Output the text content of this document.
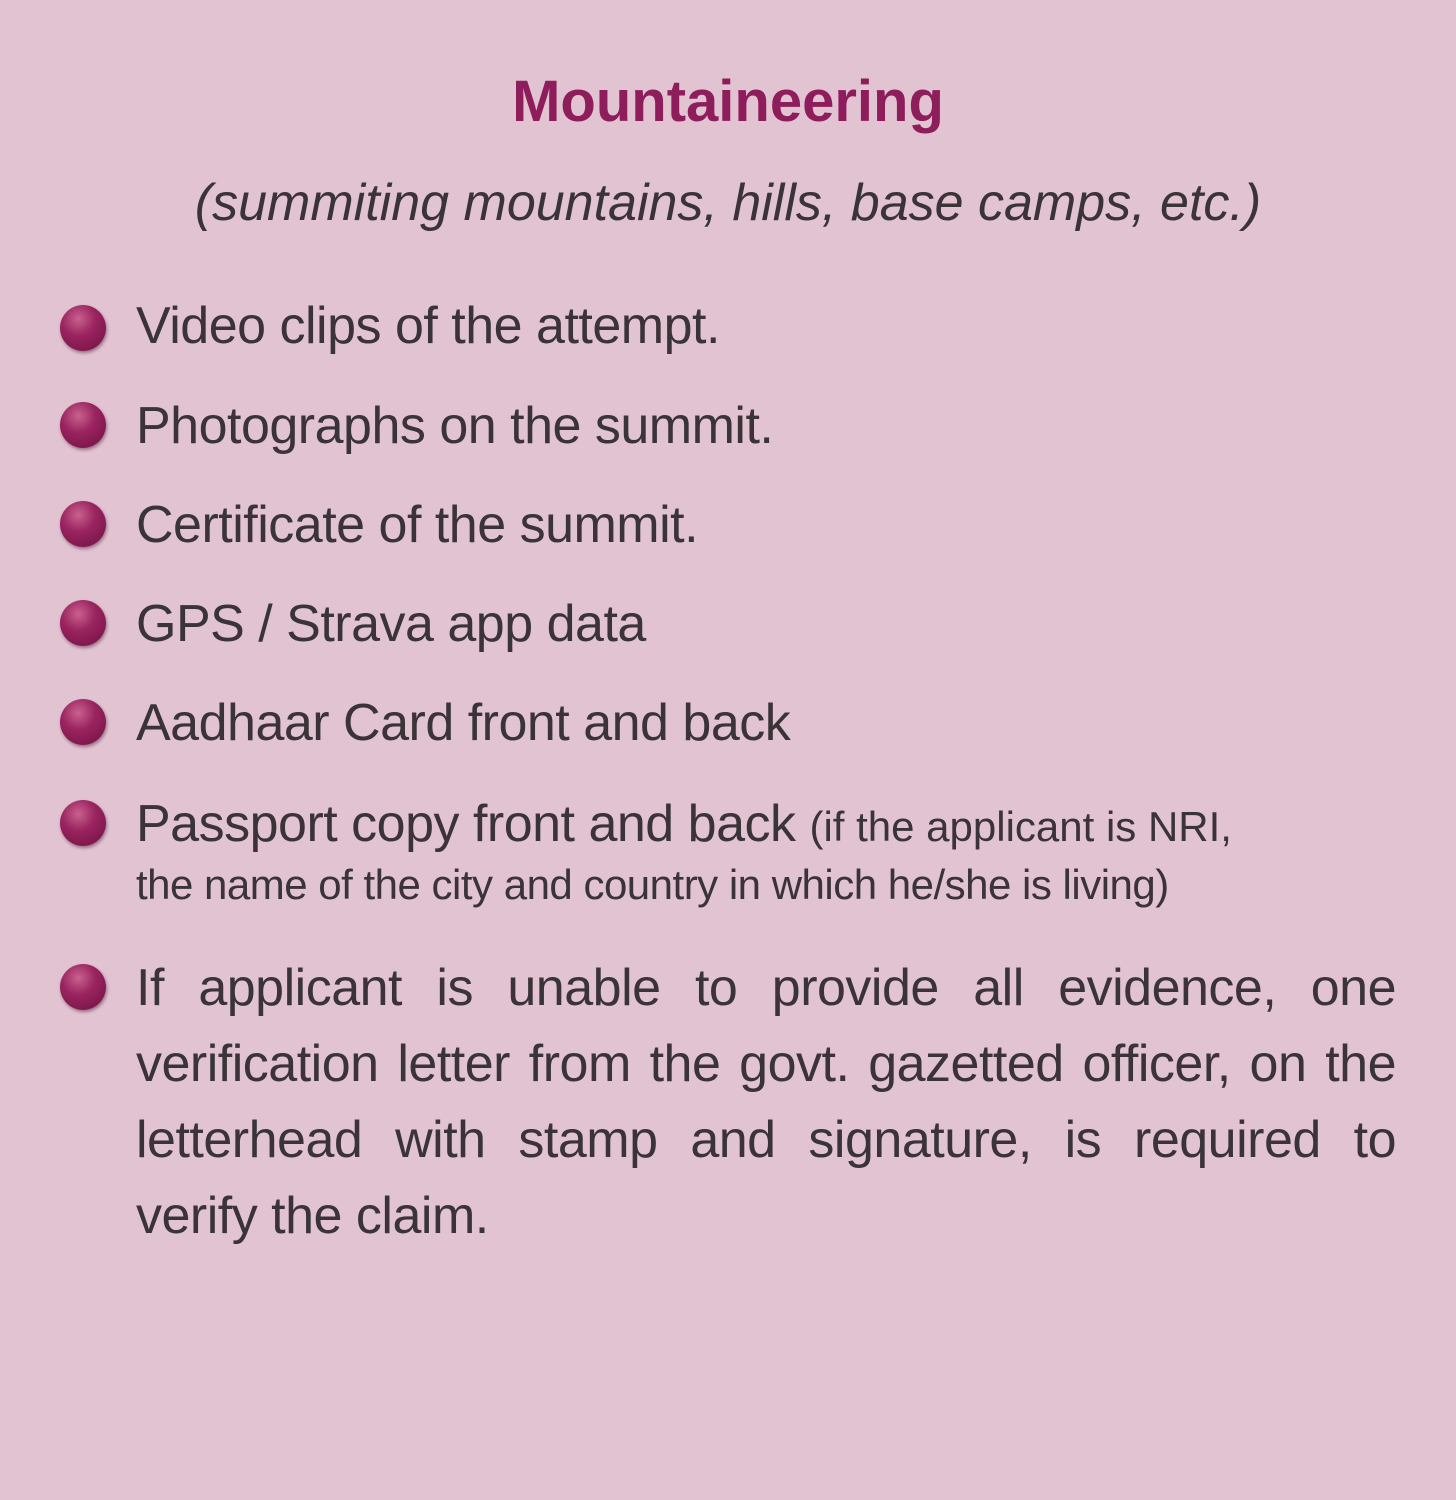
Mountaineering
(summiting mountains, hills, base camps, etc.)
Video clips of the attempt.
Photographs on the summit.
Certificate of the summit.
GPS / Strava app data
Aadhaar Card front and back
Passport copy front and back (if the applicant is NRI,
the name of the city and country in which he/she is living)
If applicant is unable to provide all evidence, one verification letter from the govt. gazetted officer, on the letterhead with stamp and signature, is required to verify the claim.
